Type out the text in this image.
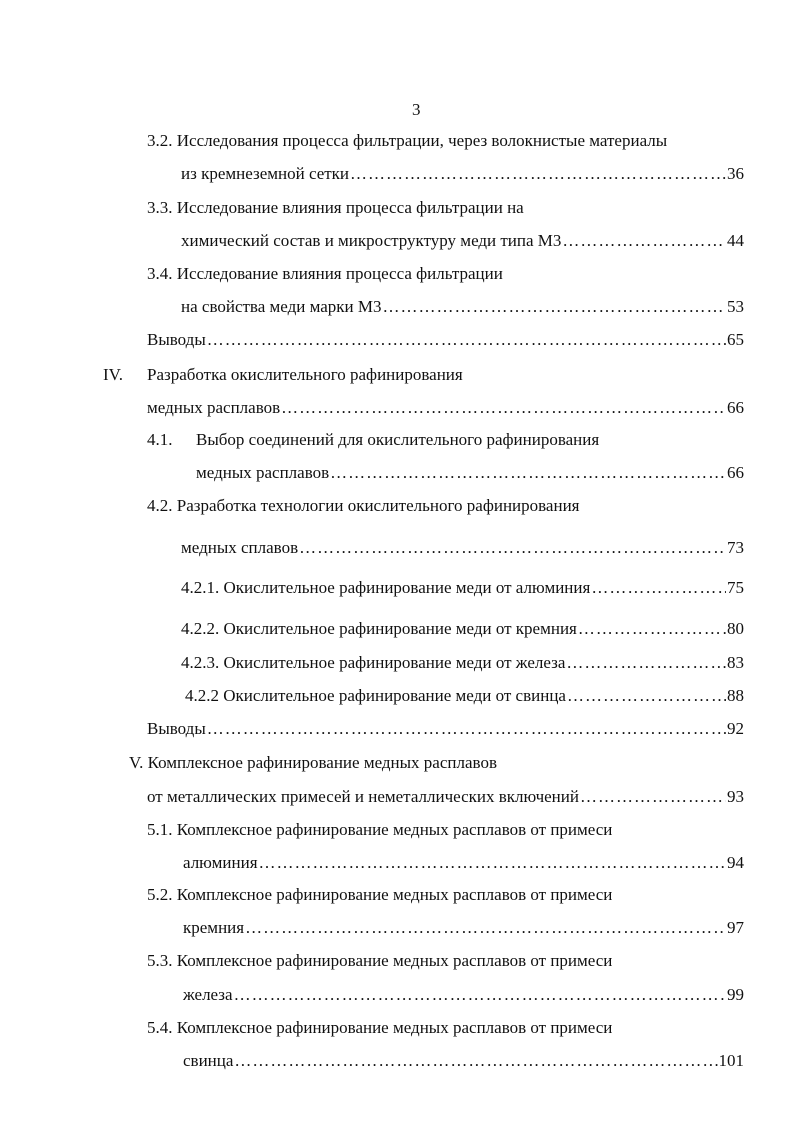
3
3.2. Исследования процесса фильтрации, через волокнистые материалы
из кремнеземной сетки ……………………………………………………………………………………………………………………………………………………………………	36
3.3. Исследование влияния процесса фильтрации на
химический состав и микроструктуру меди типа М3 ……………………………………………………………………………………………………………………………………………………………………	44
3.4. Исследование влияния процесса фильтрации
на свойства меди марки М3 ……………………………………………………………………………………………………………………………………………………………………	53
Выводы ……………………………………………………………………………………………………………………………………………………………………	65
IV. Разработка окислительного рафинирования
медных расплавов ……………………………………………………………………………………………………………………………………………………………………	66
4.1. Выбор соединений для окислительного рафинирования
медных расплавов ……………………………………………………………………………………………………………………………………………………………………	66
4.2. Разработка технологии окислительного рафинирования
медных сплавов ……………………………………………………………………………………………………………………………………………………………………	73
4.2.1. Окислительное рафинирование меди от алюминия ……………………………………………………………………………………………………………………………………………………………………	75
4.2.2. Окислительное рафинирование меди от кремния ……………………………………………………………………………………………………………………………………………………………………	80
4.2.3. Окислительное рафинирование меди от железа ……………………………………………………………………………………………………………………………………………………………………	83
4.2.2 Окислительное рафинирование меди от свинца ……………………………………………………………………………………………………………………………………………………………………	88
Выводы ……………………………………………………………………………………………………………………………………………………………………	92
V. Комплексное рафинирование медных расплавов
от металлических примесей и неметаллических включений ……………………………………………………………………………………………………………………………………………………………………	93
5.1. Комплексное рафинирование медных расплавов от примеси
алюминия ……………………………………………………………………………………………………………………………………………………………………	94
5.2. Комплексное рафинирование медных расплавов от примеси
кремния ……………………………………………………………………………………………………………………………………………………………………	97
5.3. Комплексное рафинирование медных расплавов от примеси
железа ……………………………………………………………………………………………………………………………………………………………………	99
5.4. Комплексное рафинирование медных расплавов от примеси
свинца ……………………………………………………………………………………………………………………………………………………………………	101
